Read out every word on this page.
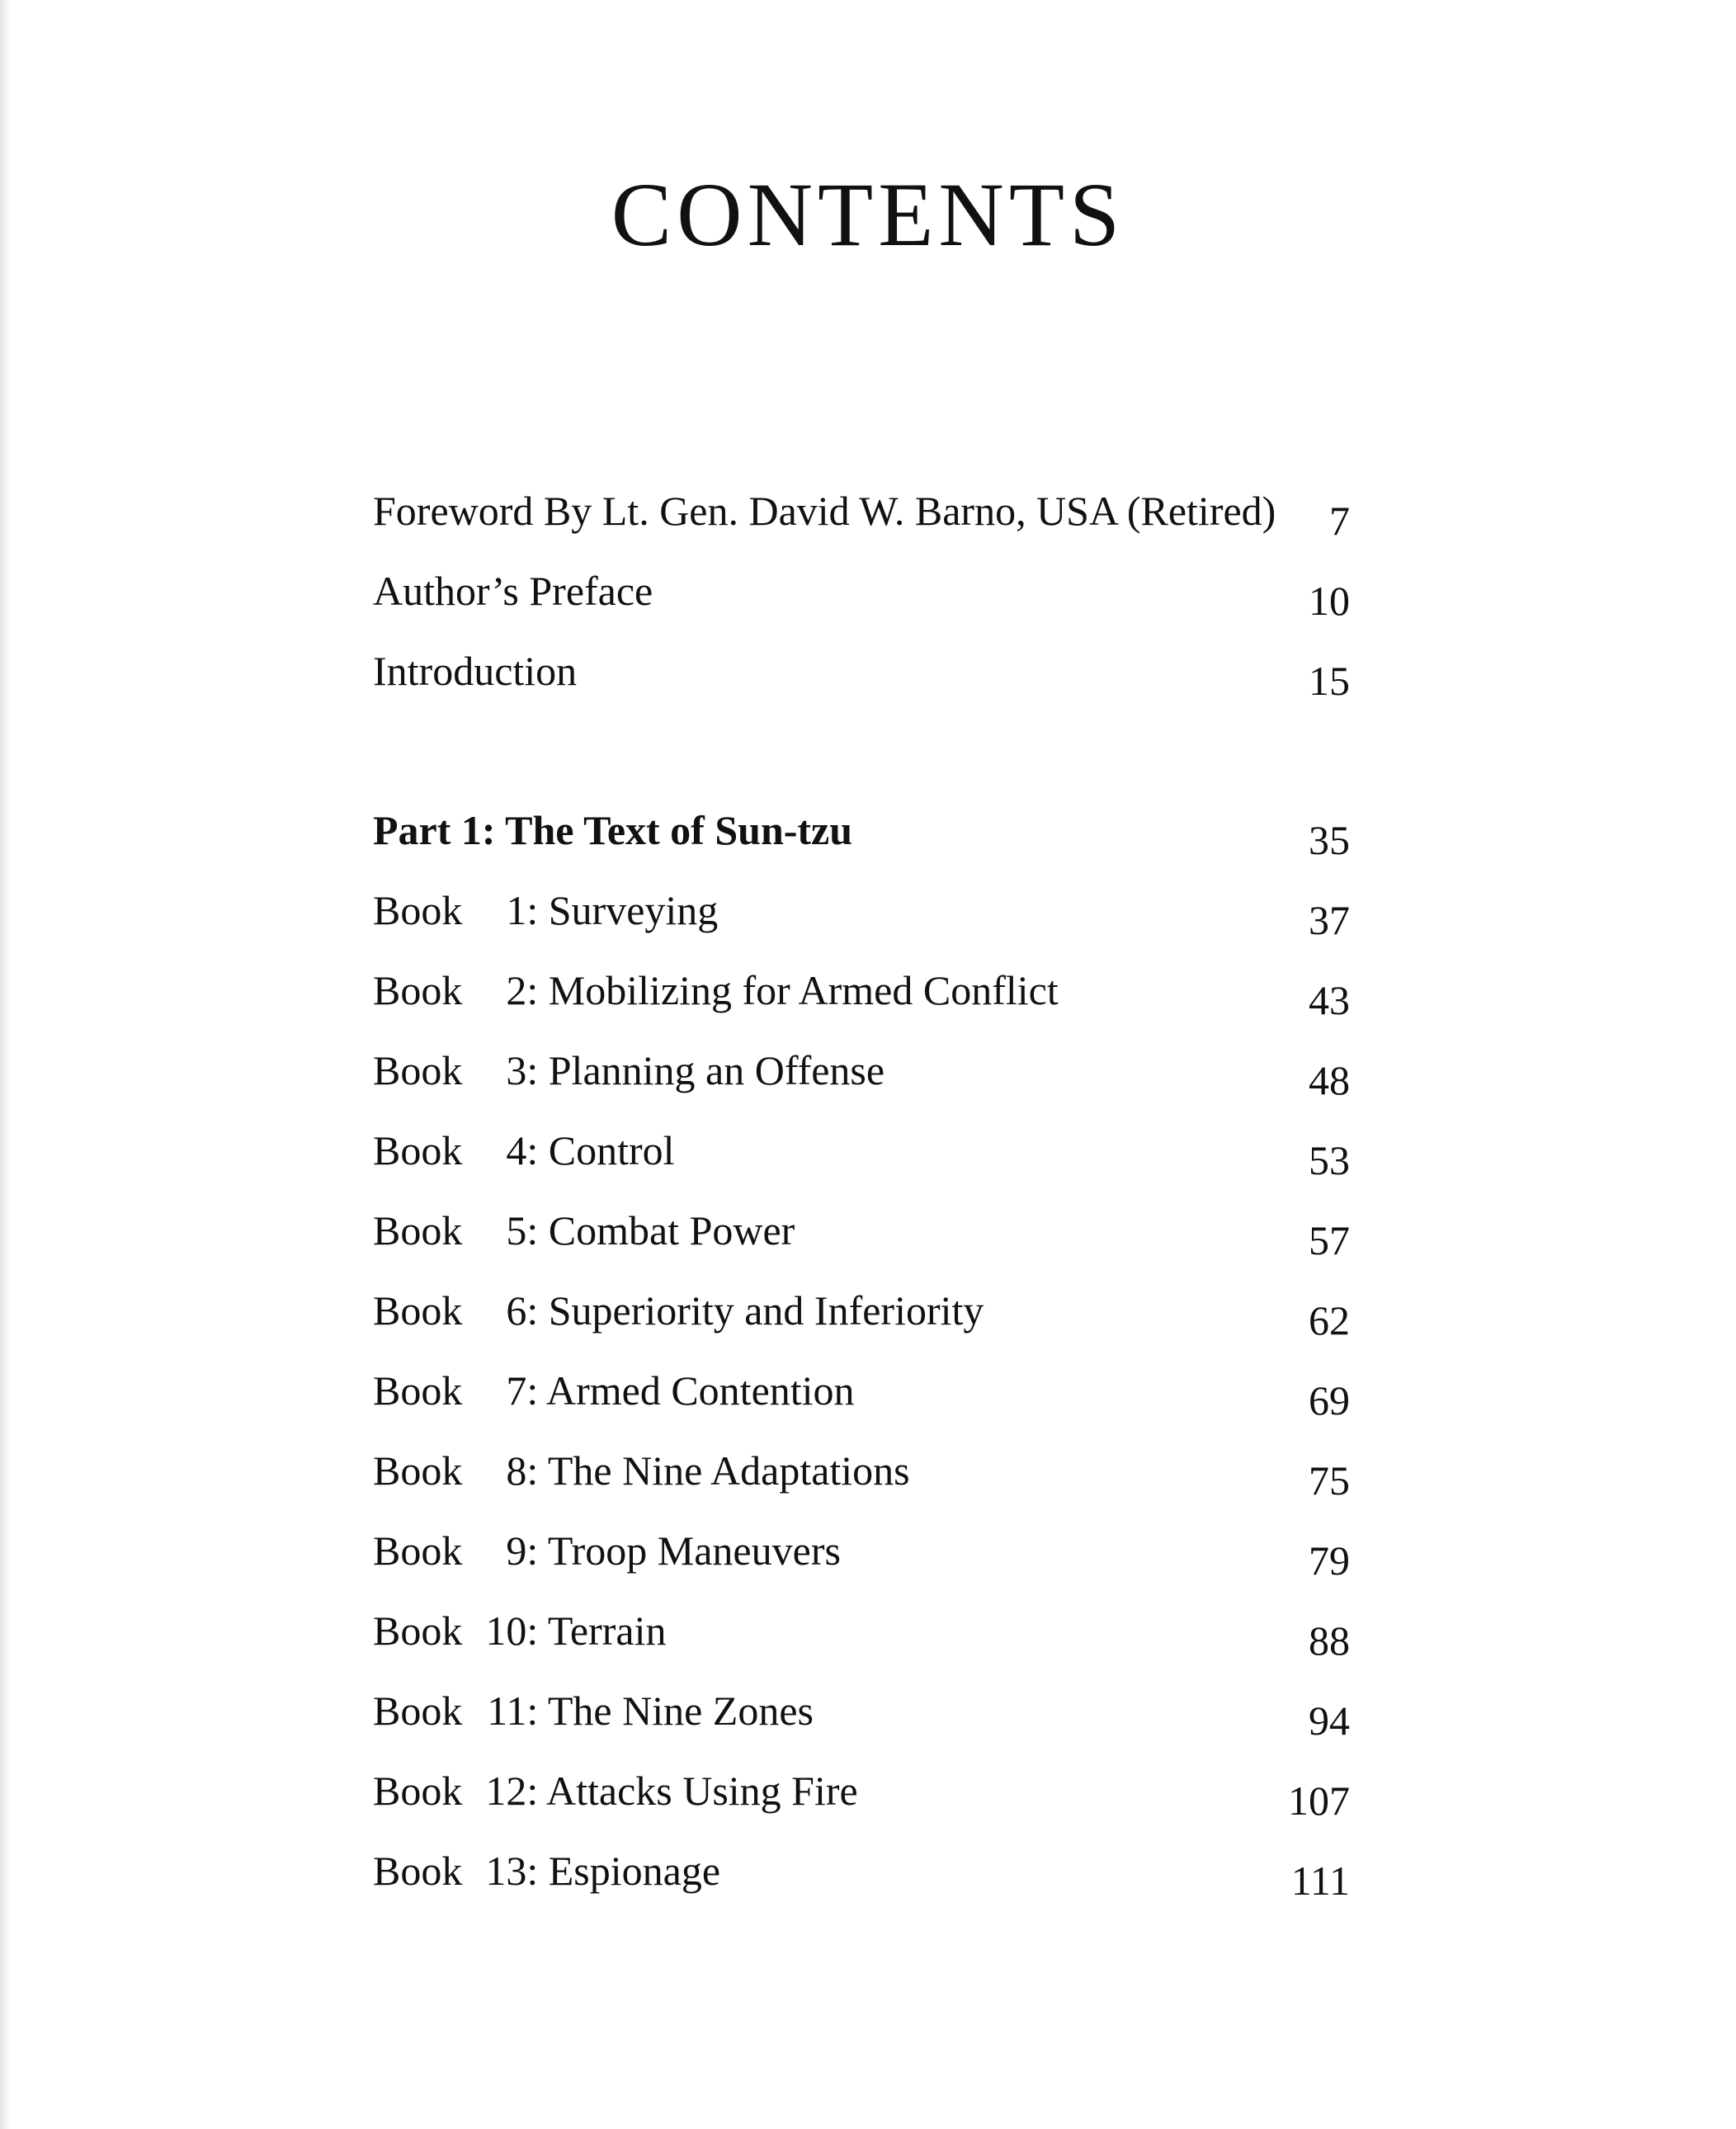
CONTENTS
Foreword By Lt. Gen. David W. Barno, USA (Retired) 7
Author’s Preface	10
Introduction	15
Part 1: The Text of Sun-tzu	35
Book 1: Surveying	37
Book 2: Mobilizing for Armed Conflict	43
Book 3: Planning an Offense	48
Book 4: Control	53
Book 5: Combat Power	57
Book 6: Superiority and Inferiority	62
Book 7: Armed Contention	69
Book 8: The Nine Adaptations	75
Book 9: Troop Maneuvers	79
Book 10: Terrain	88
Book 11: The Nine Zones	94
Book 12: Attacks Using Fire	107
Book 13: Espionage	111
